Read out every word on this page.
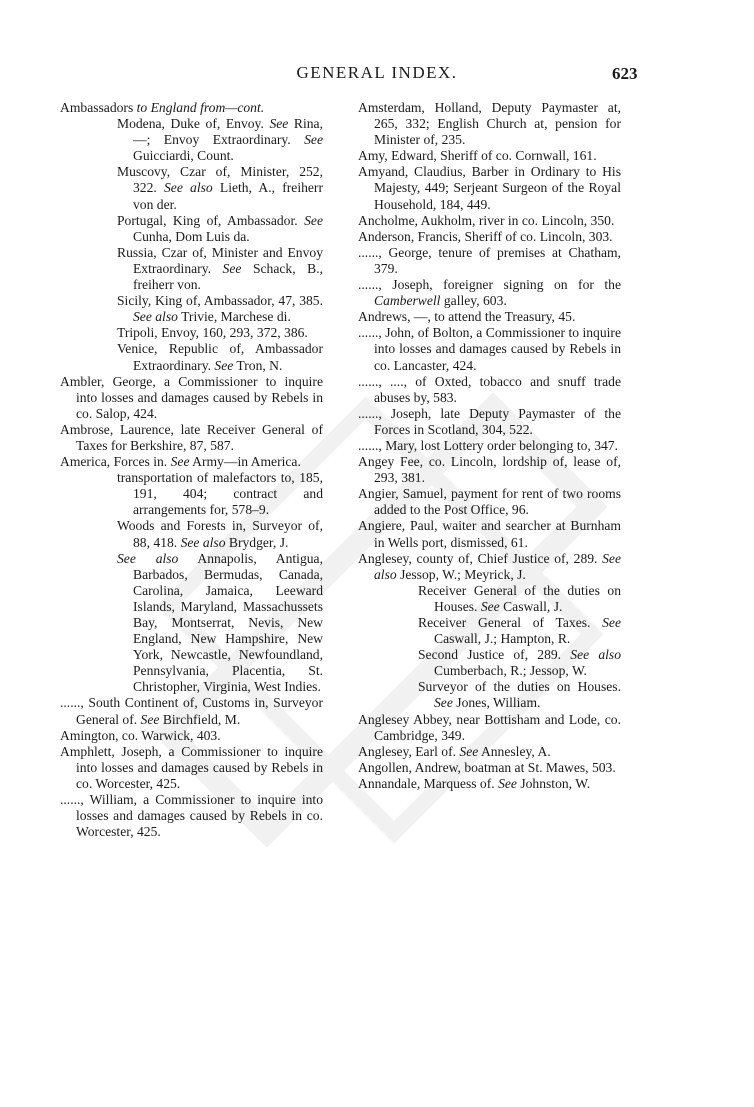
GENERAL INDEX.	623
Ambassadors to England from—cont.
Modena, Duke of, Envoy. See Rina, —; Envoy Extraordinary. See Guicciardi, Count.
Muscovy, Czar of, Minister, 252, 322. See also Lieth, A., freiherr von der.
Portugal, King of, Ambassador. See Cunha, Dom Luis da.
Russia, Czar of, Minister and Envoy Extraordinary. See Schack, B., freiherr von.
Sicily, King of, Ambassador, 47, 385. See also Trivie, Marchese di.
Tripoli, Envoy, 160, 293, 372, 386.
Venice, Republic of, Ambassador Extraordinary. See Tron, N.
Ambler, George, a Commissioner to inquire into losses and damages caused by Rebels in co. Salop, 424.
Ambrose, Laurence, late Receiver General of Taxes for Berkshire, 87, 587.
America, Forces in. See Army—in America.
transportation of malefactors to, 185, 191, 404; contract and arrangements for, 578–9.
Woods and Forests in, Surveyor of, 88, 418. See also Brydger, J.
See also Annapolis, Antigua, Barbados, Bermudas, Canada, Carolina, Jamaica, Leeward Islands, Maryland, Massachussets Bay, Montserrat, Nevis, New England, New Hampshire, New York, Newcastle, Newfoundland, Pennsylvania, Placentia, St. Christopher, Virginia, West Indies.
......, South Continent of, Customs in, Surveyor General of. See Birchfield, M.
Amington, co. Warwick, 403.
Amphlett, Joseph, a Commissioner to inquire into losses and damages caused by Rebels in co. Worcester, 425.
......, William, a Commissioner to inquire into losses and damages caused by Rebels in co. Worcester, 425.
Amsterdam, Holland, Deputy Paymaster at, 265, 332; English Church at, pension for Minister of, 235.
Amy, Edward, Sheriff of co. Cornwall, 161.
Amyand, Claudius, Barber in Ordinary to His Majesty, 449; Serjeant Surgeon of the Royal Household, 184, 449.
Ancholme, Aukholm, river in co. Lincoln, 350.
Anderson, Francis, Sheriff of co. Lincoln, 303.
......, George, tenure of premises at Chatham, 379.
......, Joseph, foreigner signing on for the Camberwell galley, 603.
Andrews, —, to attend the Treasury, 45.
......, John, of Bolton, a Commissioner to inquire into losses and damages caused by Rebels in co. Lancaster, 424.
......, ...., of Oxted, tobacco and snuff trade abuses by, 583.
......, Joseph, late Deputy Paymaster of the Forces in Scotland, 304, 522.
......, Mary, lost Lottery order belonging to, 347.
Angey Fee, co. Lincoln, lordship of, lease of, 293, 381.
Angier, Samuel, payment for rent of two rooms added to the Post Office, 96.
Angiere, Paul, waiter and searcher at Burnham in Wells port, dismissed, 61.
Anglesey, county of, Chief Justice of, 289. See also Jessop, W.; Meyrick, J.
Receiver General of the duties on Houses. See Caswall, J.
Receiver General of Taxes. See Caswall, J.; Hampton, R.
Second Justice of, 289. See also Cumberbach, R.; Jessop, W.
Surveyor of the duties on Houses. See Jones, William.
Anglesey Abbey, near Bottisham and Lode, co. Cambridge, 349.
Anglesey, Earl of. See Annesley, A.
Angollen, Andrew, boatman at St. Mawes, 503.
Annandale, Marquess of. See Johnston, W.
